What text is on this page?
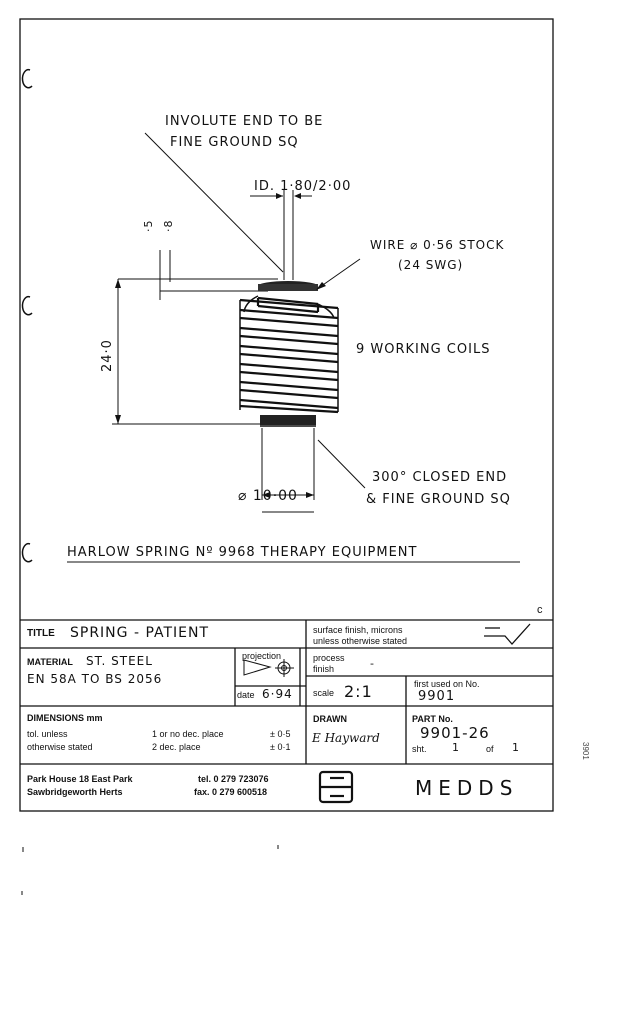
INVOLUTE END TO BE
FINE GROUND SQ
ID. 1·80/2·00
·5 ·8
WIRE ⌀ 0·56 STOCK
(24 SWG)
24·0	9 WORKING COILS
300° CLOSED END
& FINE GROUND SQ
⌀ 10·00
HARLOW SPRING Nº 9968 THERAPY EQUIPMENT
c
3901
TITLE SPRING - PATIENT	surface finish, microns
unless otherwise stated
MATERIAL ST. STEEL
EN 58A TO BS 2056
projection
date 6·94
process
finish	-
scale 2:1	first used on No.
9901
DIMENSIONS mm
tol. unless	1 or no dec. place	± 0·5
otherwise stated	2 dec. place	± 0·1
DRAWN
E Hayward
PART No.
9901-26
sht. 1	of 1
Park House 18 East Park
Sawbridgeworth Herts
tel. 0 279 723076
fax. 0 279 600518	MEDDS
